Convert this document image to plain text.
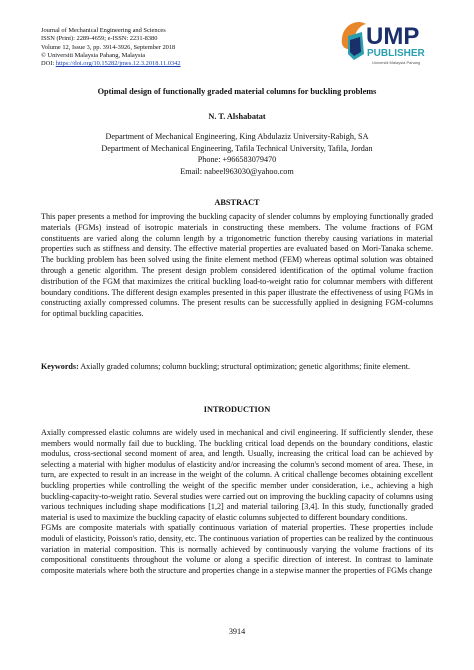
Journal of Mechanical Engineering and Sciences
ISSN (Print): 2289-4659; e-ISSN: 2231-8380
Volume 12, Issue 3, pp. 3914-3926, September 2018
© Universiti Malaysia Pahang, Malaysia
DOI: https://doi.org/10.15282/jmes.12.3.2018.11.0342
UMP
PUBLISHER
Universiti Malaysia Pahang
Optimal design of functionally graded material columns for buckling problems
N. T. Alshabatat
Department of Mechanical Engineering, King Abdulaziz University-Rabigh, SA
Department of Mechanical Engineering, Tafila Technical University, Tafila, Jordan
Phone: +966583079470
Email: nabeel963030@yahoo.com
ABSTRACT
This paper presents a method for improving the buckling capacity of slender columns by employing functionally graded materials (FGMs) instead of isotropic materials in constructing these members. The volume fractions of FGM constituents are varied along the column length by a trigonometric function thereby causing variations in material properties such as stiffness and density. The effective material properties are evaluated based on Mori-Tanaka scheme. The buckling problem has been solved using the finite element method (FEM) whereas optimal solution was obtained through a genetic algorithm. The present design problem considered identification of the optimal volume fraction distribution of the FGM that maximizes the critical buckling load-to-weight ratio for columnar members with different boundary conditions. The different design examples presented in this paper illustrate the effectiveness of using FGMs in constructing axially compressed columns. The present results can be successfully applied in designing FGM-columns for optimal buckling capacities.
Keywords: Axially graded columns; column buckling; structural optimization; genetic algorithms; finite element.
INTRODUCTION

Axially compressed elastic columns are widely used in mechanical and civil engineering. If sufficiently slender, these members would normally fail due to buckling. The buckling critical load depends on the boundary conditions, elastic modulus, cross-sectional second moment of area, and length. Usually, increasing the critical load can be achieved by selecting a material with higher modulus of elasticity and/or increasing the column's second moment of area. These, in turn, are expected to result in an increase in the weight of the column. A critical challenge becomes obtaining excellent buckling properties while controlling the weight of the specific member under consideration, i.e., achieving a high buckling-capacity-to-weight ratio. Several studies were carried out on improving the buckling capacity of columns using various techniques including shape modifications [1,2] and material tailoring [3,4]. In this study, functionally graded material is used to maximize the buckling capacity of elastic columns subjected to different boundary conditions.

FGMs are composite materials with spatially continuous variation of material properties. These properties include moduli of elasticity, Poisson's ratio, density, etc. The continuous variation of properties can be realized by the continuous variation in material composition. This is normally achieved by continuously varying the volume fractions of its compositional constituents throughout the volume or along a specific direction of interest. In contrast to laminate composite materials where both the structure and properties change in a stepwise manner the properties of FGMs change

3914
